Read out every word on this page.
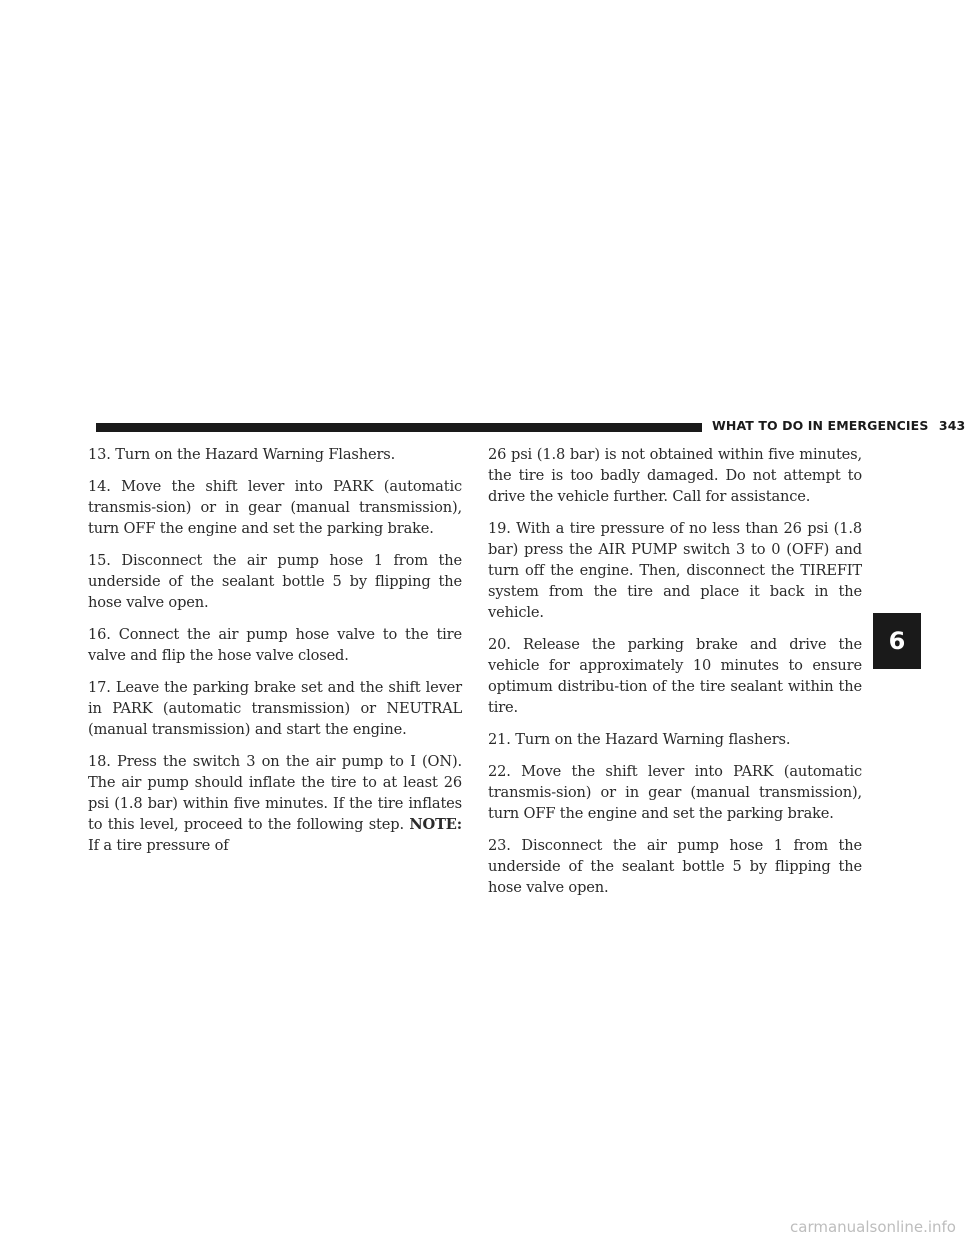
WHAT TO DO IN EMERGENCIES 343

13. Turn on the Hazard Warning Flashers.

14. Move the shift lever into PARK (automatic transmis-sion) or in gear (manual transmission), turn OFF the engine and set the parking brake.

15. Disconnect the air pump hose 1 from the underside of the sealant bottle 5 by flipping the hose valve open.

16. Connect the air pump hose valve to the tire valve and flip the hose valve closed.

17. Leave the parking brake set and the shift lever in PARK (automatic transmission) or NEUTRAL (manual transmission) and start the engine.

18. Press the switch 3 on the air pump to I (ON). The air pump should inflate the tire to at least 26 psi (1.8 bar) within five minutes. If the tire inflates to this level, proceed to the following step. NOTE: If a tire pressure of

26 psi (1.8 bar) is not obtained within five minutes, the tire is too badly damaged. Do not attempt to drive the vehicle further. Call for assistance.

19. With a tire pressure of no less than 26 psi (1.8 bar) press the AIR PUMP switch 3 to 0 (OFF) and turn off the engine. Then, disconnect the TIREFIT system from the tire and place it back in the vehicle.

20. Release the parking brake and drive the vehicle for approximately 10 minutes to ensure optimum distribu-tion of the tire sealant within the tire.

21. Turn on the Hazard Warning flashers.

22. Move the shift lever into PARK (automatic transmis-sion) or in gear (manual transmission), turn OFF the engine and set the parking brake.

23. Disconnect the air pump hose 1 from the underside of the sealant bottle 5 by flipping the hose valve open.

6
carmanualsonline.info
